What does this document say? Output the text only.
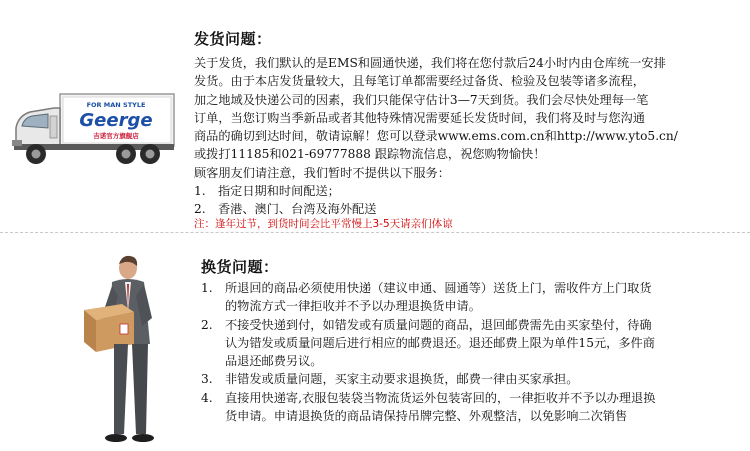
FOR MAN STYLE
Geerge
吉诺官方旗舰店
发货问题：
关于发货，我们默认的是EMS和圆通快递，我们将在您付款后24小时内由仓库统一安排
发货。由于本店发货量较大，且每笔订单都需要经过备货、检验及包装等诸多流程，
加之地域及快递公司的因素，我们只能保守估计3—7天到货。我们会尽快处理每一笔
订单，当您订购当季新品或者其他特殊情况需要延长发货时间，我们将及时与您沟通
商品的确切到达时间，敬请谅解！您可以登录www.ems.com.cn和http://www.yto5.cn/
或拨打11185和021-69777888 跟踪物流信息，祝您购物愉快！
顾客朋友们请注意，我们暂时不提供以下服务：
1. 指定日期和时间配送；
2. 香港、澳门、台湾及海外配送
注：逢年过节，到货时间会比平常慢上3-5天请亲们体谅
换货问题：
1. 所退回的商品必须使用快递（建议申通、圆通等）送货上门，需收件方上门取货
的物流方式一律拒收并不予以办理退换货申请。
2. 不接受快递到付，如错发或有质量问题的商品，退回邮费需先由买家垫付，待确
认为错发或质量问题后进行相应的邮费退还。退还邮费上限为单件15元，多件商
品退还邮费另议。
3. 非错发或质量问题，买家主动要求退换货，邮费一律由买家承担。
4. 直接用快递寄,衣服包装袋当物流货运外包装寄回的，一律拒收并不予以办理退换
货申请。申请退换货的商品请保持吊牌完整、外观整洁，以免影响二次销售
